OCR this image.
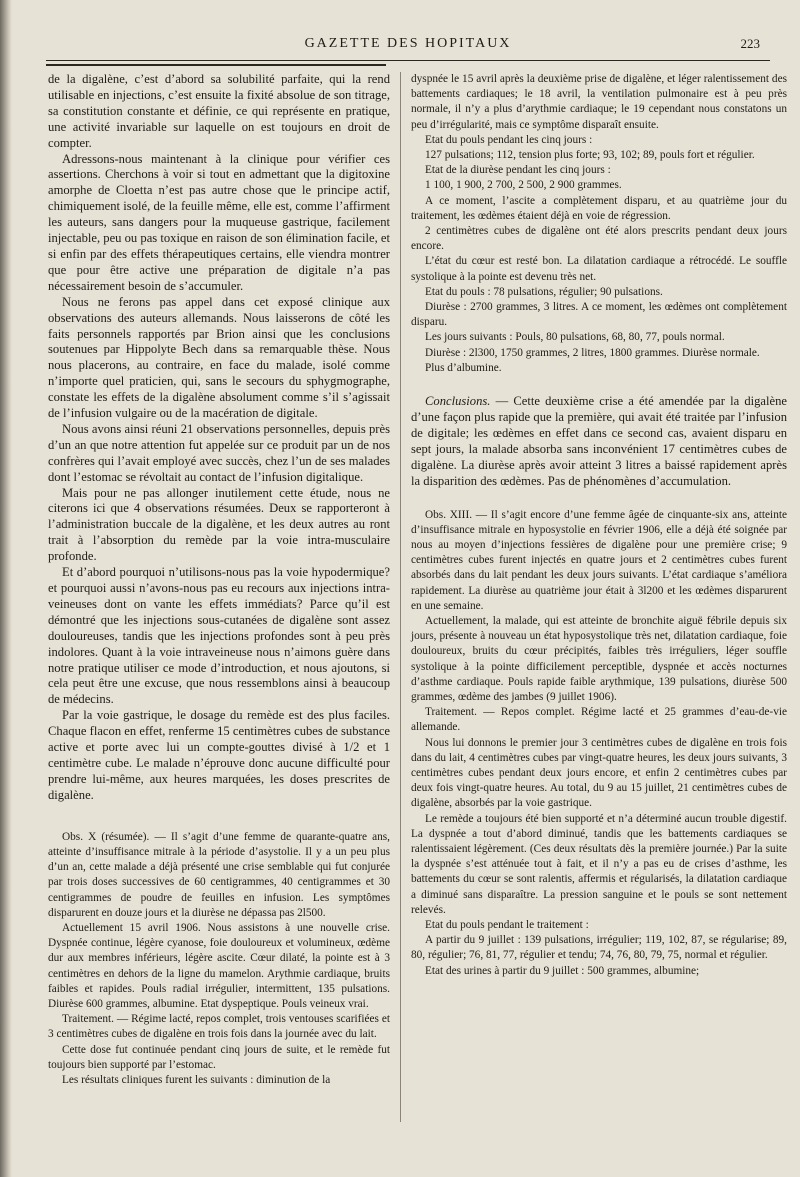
GAZETTE DES HOPITAUX	223

de la digalène, c’est d’abord sa solubilité parfaite, qui la rend utilisable en injections, c’est ensuite la fixité absolue de son titrage, sa constitution constante et définie, ce qui représente en pratique, une activité invariable sur laquelle on est toujours en droit de compter.

Adressons-nous maintenant à la clinique pour vérifier ces assertions. Cherchons à voir si tout en admettant que la digitoxine amorphe de Cloetta n’est pas autre chose que le principe actif, chimiquement isolé, de la feuille même, elle est, comme l’affirment les auteurs, sans dangers pour la muqueuse gastrique, facilement injectable, peu ou pas toxique en raison de son élimination facile, et si enfin par des effets thérapeutiques certains, elle viendra montrer que pour être active une préparation de digitale n’a pas nécessairement besoin de s’accumuler.

Nous ne ferons pas appel dans cet exposé clinique aux observations des auteurs allemands. Nous laisserons de côté les faits personnels rapportés par Brion ainsi que les conclusions soutenues par Hippolyte Bech dans sa remarquable thèse. Nous nous placerons, au contraire, en face du malade, isolé comme n’importe quel praticien, qui, sans le secours du sphygmographe, constate les effets de la digalène absolument comme s’il s’agissait de l’infusion vulgaire ou de la macération de digitale.

Nous avons ainsi réuni 21 observations personnelles, depuis près d’un an que notre attention fut appelée sur ce produit par un de nos confrères qui l’avait employé avec succès, chez l’un de ses malades dont l’estomac se révoltait au contact de l’infusion digitalique.

Mais pour ne pas allonger inutilement cette étude, nous ne citerons ici que 4 observations résumées. Deux se rapporteront à l’administration buccale de la digalène, et les deux autres au ront trait à l’absorption du remède par la voie intra-musculaire profonde.

Et d’abord pourquoi n’utilisons-nous pas la voie hypodermique? et pourquoi aussi n’avons-nous pas eu recours aux injections intra-veineuses dont on vante les effets immédiats? Parce qu’il est démontré que les injections sous-cutanées de digalène sont assez douloureuses, tandis que les injections profondes sont à peu près indolores. Quant à la voie intraveineuse nous n’aimons guère dans notre pratique utiliser ce mode d’introduction, et nous ajoutons, si cela peut être une excuse, que nous ressemblons ainsi à beaucoup de médecins.

Par la voie gastrique, le dosage du remède est des plus faciles. Chaque flacon en effet, renferme 15 centimètres cubes de substance active et porte avec lui un compte-gouttes divisé à 1/2 et 1 centimètre cube. Le malade n’éprouve donc aucune difficulté pour prendre lui-même, aux heures marquées, les doses prescrites de digalène.

Obs. X (résumée). — Il s’agit d’une femme de quarante-quatre ans, atteinte d’insuffisance mitrale à la période d’asystolie. Il y a un peu plus d’un an, cette malade a déjà présenté une crise semblable qui fut conjurée par trois doses successives de 60 centigrammes, 40 centigrammes et 30 centigrammes de poudre de feuilles en infusion. Les symptômes disparurent en douze jours et la diurèse ne dépassa pas 2l500.

Actuellement 15 avril 1906. Nous assistons à une nouvelle crise. Dyspnée continue, légère cyanose, foie douloureux et volumineux, œdème dur aux membres inférieurs, légère ascite. Cœur dilaté, la pointe est à 3 centimètres en dehors de la ligne du mamelon. Arythmie cardiaque, bruits faibles et rapides. Pouls radial irrégulier, intermittent, 135 pulsations. Diurèse 600 grammes, albumine. Etat dyspeptique. Pouls veineux vrai.

Traitement. — Régime lacté, repos complet, trois ventouses scarifiées et 3 centimètres cubes de digalène en trois fois dans la journée avec du lait.

Cette dose fut continuée pendant cinq jours de suite, et le remède fut toujours bien supporté par l’estomac.

Les résultats cliniques furent les suivants : diminution de la

dyspnée le 15 avril après la deuxième prise de digalène, et léger ralentissement des battements cardiaques; le 18 avril, la ventilation pulmonaire est à peu près normale, il n’y a plus d’arythmie cardiaque; le 19 cependant nous constatons un peu d’irrégularité, mais ce symptôme disparaît ensuite.

Etat du pouls pendant les cinq jours :

127 pulsations; 112, tension plus forte; 93, 102; 89, pouls fort et régulier.

Etat de la diurèse pendant les cinq jours :

1 100, 1 900, 2 700, 2 500, 2 900 grammes.

A ce moment, l’ascite a complètement disparu, et au quatrième jour du traitement, les œdèmes étaient déjà en voie de régression.

2 centimètres cubes de digalène ont été alors prescrits pendant deux jours encore.

L’état du cœur est resté bon. La dilatation cardiaque a rétrocédé. Le souffle systolique à la pointe est devenu très net.

Etat du pouls : 78 pulsations, régulier; 90 pulsations.

Diurèse : 2700 grammes, 3 litres. A ce moment, les œdèmes ont complètement disparu.

Les jours suivants : Pouls, 80 pulsations, 68, 80, 77, pouls normal.

Diurèse : 2l300, 1750 grammes, 2 litres, 1800 grammes. Diurèse normale.

Plus d’albumine.

Conclusions. — Cette deuxième crise a été amendée par la digalène d’une façon plus rapide que la première, qui avait été traitée par l’infusion de digitale; les œdèmes en effet dans ce second cas, avaient disparu en sept jours, la malade absorba sans inconvénient 17 centimètres cubes de digalène. La diurèse après avoir atteint 3 litres a baissé rapidement après la disparition des œdèmes. Pas de phénomènes d’accumulation.

Obs. XIII. — Il s’agit encore d’une femme âgée de cinquante-six ans, atteinte d’insuffisance mitrale en hyposystolie en février 1906, elle a déjà été soignée par nous au moyen d’injections fessières de digalène pour une première crise; 9 centimètres cubes furent injectés en quatre jours et 2 centimètres cubes furent absorbés dans du lait pendant les deux jours suivants. L’état cardiaque s’améliora rapidement. La diurèse au quatrième jour était à 3l200 et les œdèmes disparurent en une semaine.

Actuellement, la malade, qui est atteinte de bronchite aiguë fébrile depuis six jours, présente à nouveau un état hyposystolique très net, dilatation cardiaque, foie douloureux, bruits du cœur précipités, faibles très irréguliers, léger souffle systolique à la pointe difficilement perceptible, dyspnée et accès nocturnes d’asthme cardiaque. Pouls rapide faible arythmique, 139 pulsations, diurèse 500 grammes, œdème des jambes (9 juillet 1906).

Traitement. — Repos complet. Régime lacté et 25 grammes d’eau-de-vie allemande.

Nous lui donnons le premier jour 3 centimètres cubes de digalène en trois fois dans du lait, 4 centimètres cubes par vingt-quatre heures, les deux jours suivants, 3 centimètres cubes pendant deux jours encore, et enfin 2 centimètres cubes par deux fois vingt-quatre heures. Au total, du 9 au 15 juillet, 21 centimètres cubes de digalène, absorbés par la voie gastrique.

Le remède a toujours été bien supporté et n’a déterminé aucun trouble digestif. La dyspnée a tout d’abord diminué, tandis que les battements cardiaques se ralentissaient légèrement. (Ces deux résultats dès la première journée.) Par la suite la dyspnée s’est atténuée tout à fait, et il n’y a pas eu de crises d’asthme, les battements du cœur se sont ralentis, affermis et régularisés, la dilatation cardiaque a diminué sans disparaître. La pression sanguine et le pouls se sont nettement relevés.

Etat du pouls pendant le traitement :

A partir du 9 juillet : 139 pulsations, irrégulier; 119, 102, 87, se régularise; 89, 80, régulier; 76, 81, 77, régulier et tendu; 74, 76, 80, 79, 75, normal et régulier.

Etat des urines à partir du 9 juillet : 500 grammes, albumine;
